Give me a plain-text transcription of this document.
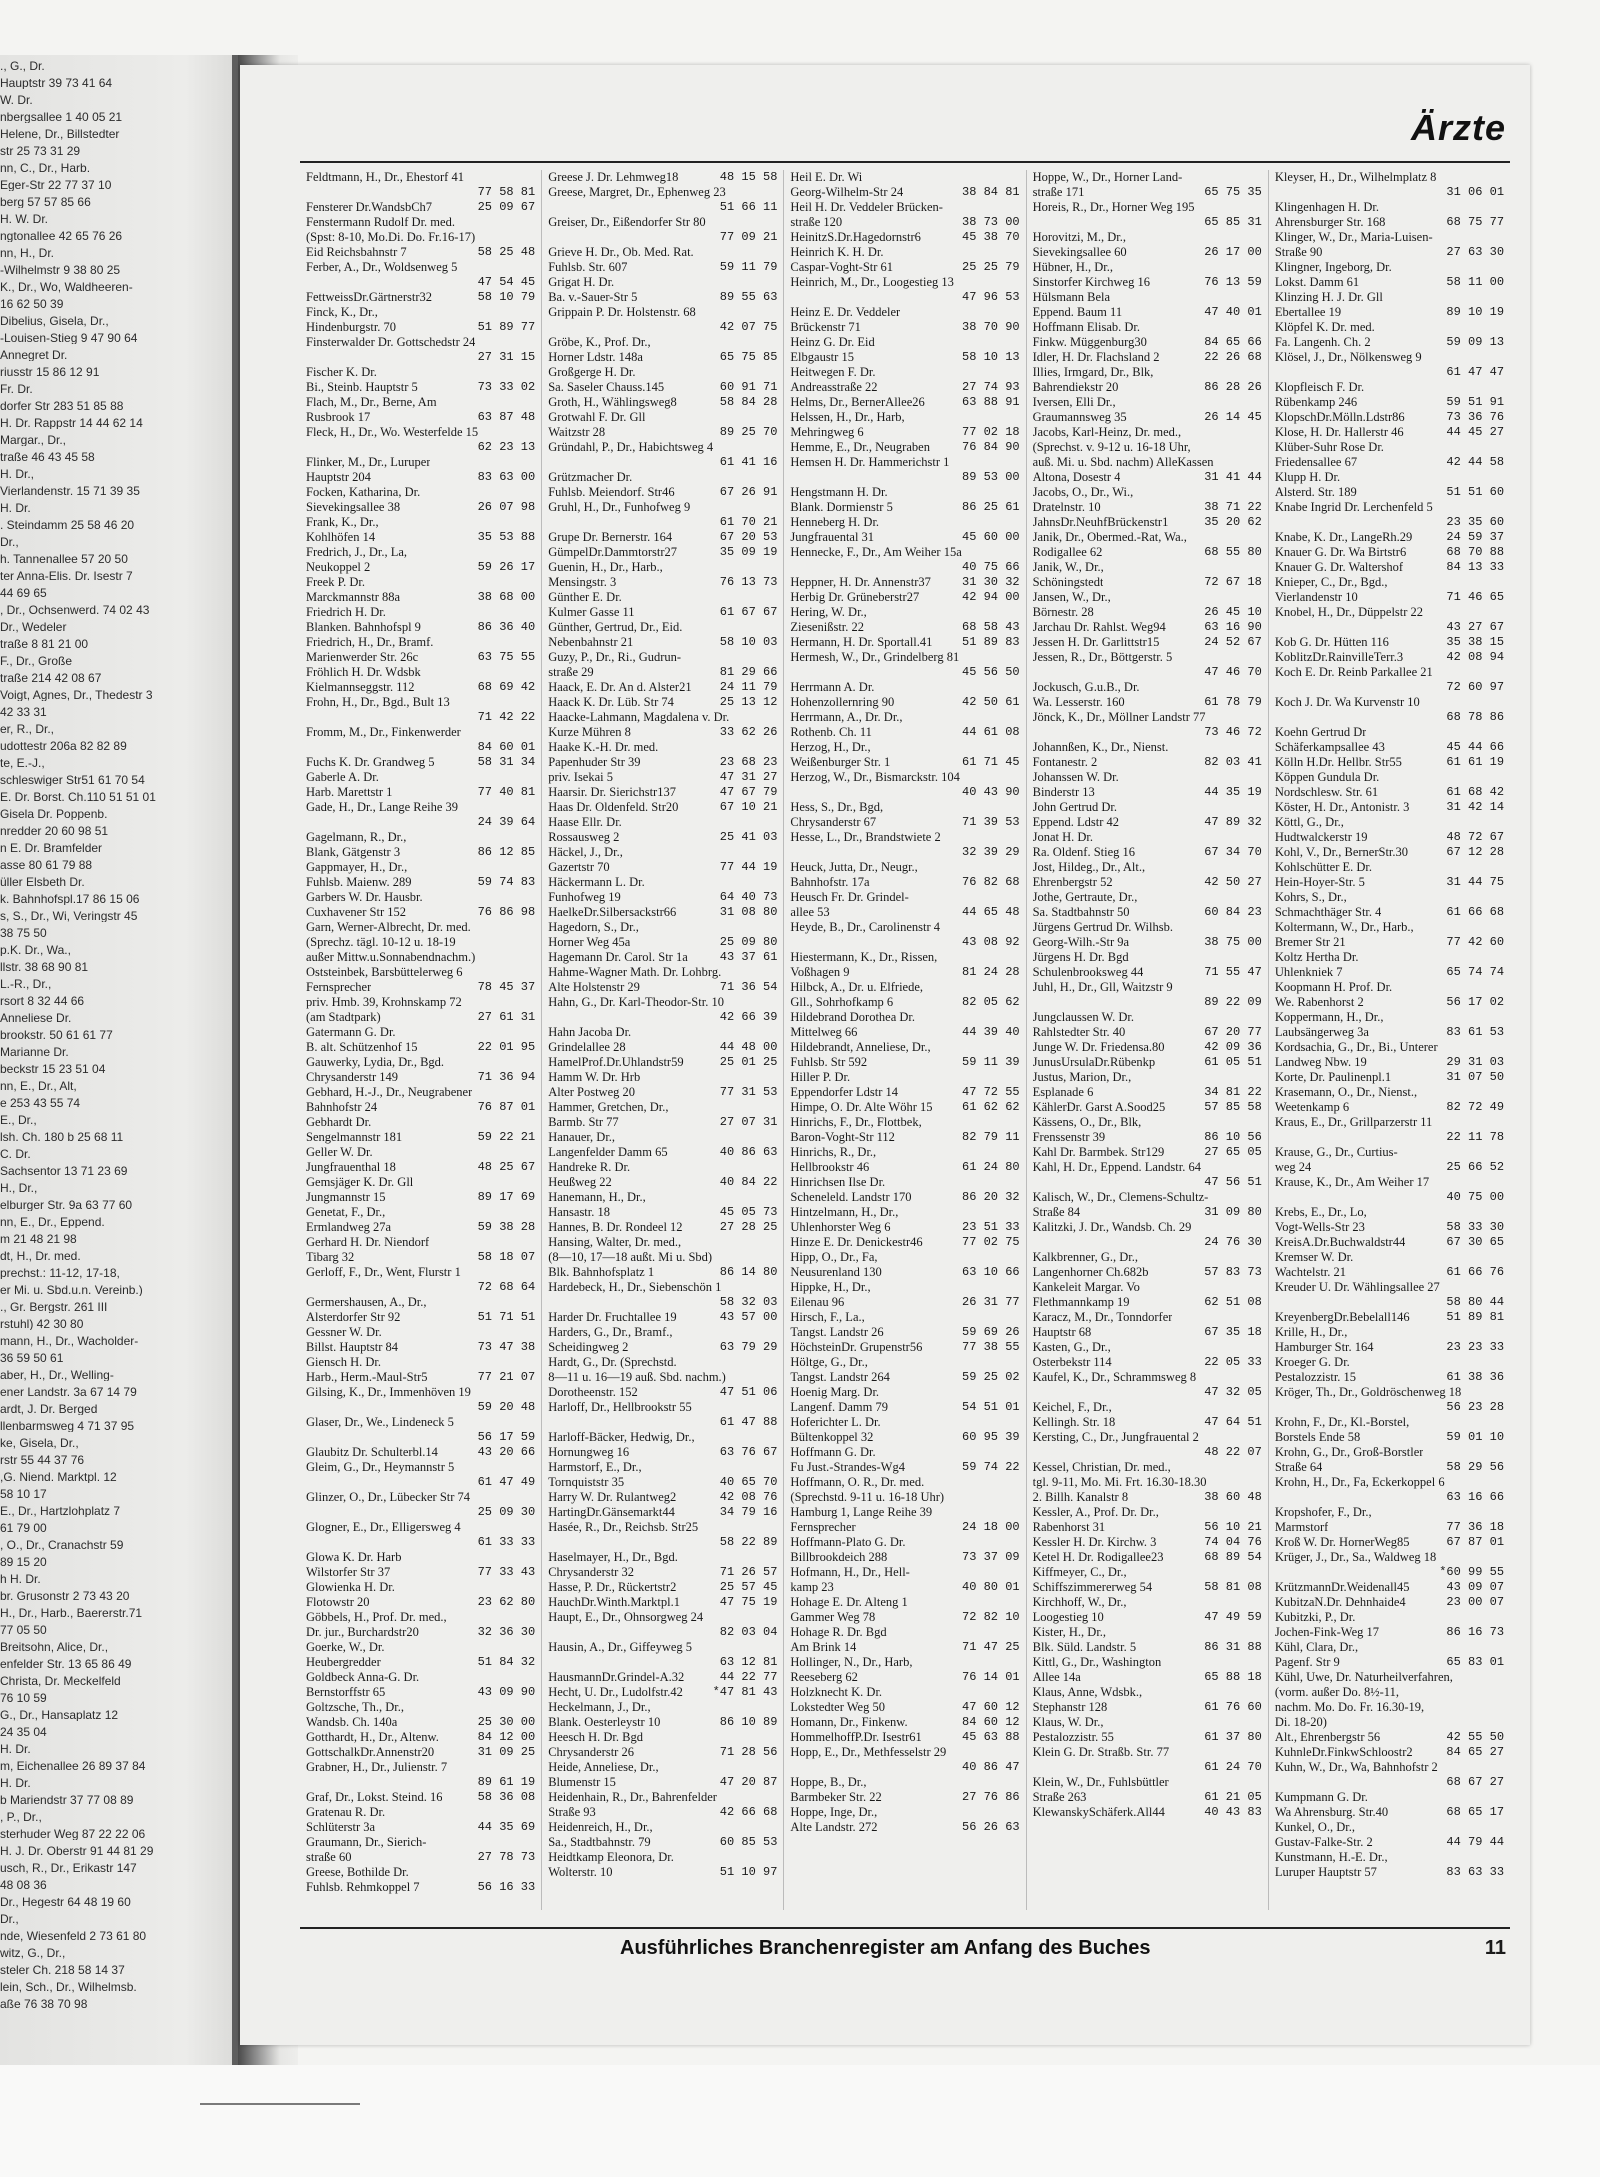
., G., Dr.
Hauptstr 39 73 41 64
W. Dr.
nbergsallee 1 40 05 21
Helene, Dr., Billstedter
str 25 73 31 29
nn, C., Dr., Harb.
Eger-Str 22 77 37 10
berg 57 57 85 66
H. W. Dr.
ngtonallee 42 65 76 26
nn, H., Dr.
-Wilhelmstr 9 38 80 25
K., Dr., Wo, Waldheeren-
16 62 50 39
Dibelius, Gisela, Dr.,
-Louisen-Stieg 9 47 90 64
Annegret Dr.
riusstr 15 86 12 91
Fr. Dr.
dorfer Str 283 51 85 88
H. Dr. Rappstr 14 44 62 14
Margar., Dr.,
traße 46 43 45 58
H. Dr.,
Vierlandenstr. 15 71 39 35
H. Dr.
. Steindamm 25 58 46 20
Dr.,
h. Tannenallee 57 20 50
ter Anna-Elis. Dr. Isestr 7
44 69 65
, Dr., Ochsenwerd. 74 02 43
Dr., Wedeler
traße 8 81 21 00
F., Dr., Große
traße 214 42 08 67
Voigt, Agnes, Dr., Thedestr 3
42 33 31
er, R., Dr.,
udottestr 206a 82 82 89
te, E.-J.,
schleswiger Str51 61 70 54
E. Dr. Borst. Ch.110 51 51 01
Gisela Dr. Poppenb.
nredder 20 60 98 51
n E. Dr. Bramfelder
asse 80 61 79 88
üller Elsbeth Dr.
k. Bahnhofspl.17 86 15 06
s, S., Dr., Wi, Veringstr 45
38 75 50
p.K. Dr., Wa.,
llstr. 38 68 90 81
L.-R., Dr.,
rsort 8 32 44 66
Anneliese Dr.
brookstr. 50 61 61 77
Marianne Dr.
beckstr 15 23 51 04
nn, E., Dr., Alt,
e 253 43 55 74
E., Dr.,
lsh. Ch. 180 b 25 68 11
C. Dr.
Sachsentor 13 71 23 69
H., Dr.,
elburger Str. 9a 63 77 60
nn, E., Dr., Eppend.
m 21 48 21 98
dt, H., Dr. med.
prechst.: 11-12, 17-18,
er Mi. u. Sbd.u.n. Vereinb.)
., Gr. Bergstr. 261 III
rstuhl) 42 30 80
mann, H., Dr., Wacholder-
36 59 50 61
aber, H., Dr., Welling-
ener Landstr. 3a 67 14 79
ardt, J. Dr. Berged
llenbarmsweg 4 71 37 95
ke, Gisela, Dr.,
rstr 55 44 37 76
,G. Niend. Marktpl. 12
58 10 17
E., Dr., Hartzlohplatz 7
61 79 00
, O., Dr., Cranachstr 59
89 15 20
h H. Dr.
br. Grusonstr 2 73 43 20
H., Dr., Harb., Baererstr.71
77 05 50
Breitsohn, Alice, Dr.,
enfelder Str. 13 65 86 49
Christa, Dr. Meckelfeld
76 10 59
G., Dr., Hansaplatz 12
24 35 04
H. Dr.
m, Eichenallee 26 89 37 84
H. Dr.
b Mariendstr 37 77 08 89
, P., Dr.,
sterhuder Weg 87 22 22 06
H. J. Dr. Oberstr 91 44 81 29
usch, R., Dr., Erikastr 147
48 08 36
Dr., Hegestr 64 48 19 60
Dr.,
nde, Wiesenfeld 2 73 61 80
witz, G., Dr.,
steler Ch. 218 58 14 37
lein, Sch., Dr., Wilhelmsb.
aße 76 38 70 98
Ärzte
Feldtmann, H., Dr., Ehestorf 41
77 58 81
Fensterer Dr.WandsbCh7	25 09 67
Fenstermann Rudolf Dr. med.
(Spst: 8-10, Mo.Di. Do. Fr.16-17)
Eid Reichsbahnstr 7	58 25 48
Ferber, A., Dr., Woldsenweg 5
47 54 45
FettweissDr.Gärtnerstr32	58 10 79
Finck, K., Dr.,
Hindenburgstr. 70	51 89 77
Finsterwalder Dr. Gottschedstr 24
27 31 15
Fischer K. Dr.
Bi., Steinb. Hauptstr 5	73 33 02
Flach, M., Dr., Berne, Am
Rusbrook 17	63 87 48
Fleck, H., Dr., Wo. Westerfelde 15
62 23 13
Flinker, M., Dr., Luruper
Hauptstr 204	83 63 00
Focken, Katharina, Dr.
Sievekingsallee 38	26 07 98
Frank, K., Dr.,
Kohlhöfen 14	35 53 88
Fredrich, J., Dr., La,
Neukoppel 2	59 26 17
Freek P. Dr.
Marckmannstr 88a	38 68 00
Friedrich H. Dr.
Blanken. Bahnhofspl 9	86 36 40
Friedrich, H., Dr., Bramf.
Marienwerder Str. 26c	63 75 55
Fröhlich H. Dr. Wdsbk
Kielmannseggstr. 112	68 69 42
Frohn, H., Dr., Bgd., Bult 13
71 42 22
Fromm, M., Dr., Finkenwerder
84 60 01
Fuchs K. Dr. Grandweg 5	58 31 34
Gaberle A. Dr.
Harb. Marettstr 1	77 40 81
Gade, H., Dr., Lange Reihe 39
24 39 64
Gagelmann, R., Dr.,
Blank, Gätgenstr 3	86 12 85
Gappmayer, H., Dr.,
Fuhlsb. Maienw. 289	59 74 83
Garbers W. Dr. Hausbr.
Cuxhavener Str 152	76 86 98
Garn, Werner-Albrecht, Dr. med.
(Sprechz. tägl. 10-12 u. 18-19
außer Mittw.u.Sonnabendnachm.)
Oststeinbek, Barsbüttelerweg 6
Fernsprecher	78 45 37
priv. Hmb. 39, Krohnskamp 72
(am Stadtpark)	27 61 31
Gatermann G. Dr.
B. alt. Schützenhof 15	22 01 95
Gauwerky, Lydia, Dr., Bgd.
Chrysanderstr 149	71 36 94
Gebhard, H.-J., Dr., Neugrabener
Bahnhofstr 24	76 87 01
Gebhardt Dr.
Sengelmannstr 181	59 22 21
Geller W. Dr.
Jungfrauenthal 18	48 25 67
Gemsjäger K. Dr. Gll
Jungmannstr 15	89 17 69
Genetat, F., Dr.,
Ermlandweg 27a	59 38 28
Gerhard H. Dr. Niendorf
Tibarg 32	58 18 07
Gerloff, F., Dr., Went, Flurstr 1
72 68 64
Germershausen, A., Dr.,
Alsterdorfer Str 92	51 71 51
Gessner W. Dr.
Billst. Hauptstr 84	73 47 38
Giensch H. Dr.
Harb., Herm.-Maul-Str5	77 21 07
Gilsing, K., Dr., Immenhöven 19
59 20 48
Glaser, Dr., We., Lindeneck 5
56 17 59
Glaubitz Dr. Schulterbl.14	43 20 66
Gleim, G., Dr., Heymannstr 5
61 47 49
Glinzer, O., Dr., Lübecker Str 74
25 09 30
Glogner, E., Dr., Elligersweg 4
61 33 33
Glowa K. Dr. Harb
Wilstorfer Str 37	77 33 43
Glowienka H. Dr.
Flotowstr 20	23 62 80
Göbbels, H., Prof. Dr. med.,
Dr. jur., Burchardstr20	32 36 30
Goerke, W., Dr.
Heubergredder	51 84 32
Goldbeck Anna-G. Dr.
Bernstorffstr 65	43 09 90
Goltzsche, Th., Dr.,
Wandsb. Ch. 140a	25 30 00
Gotthardt, H., Dr., Altenw.	84 12 00
GottschalkDr.Annenstr20	31 09 25
Grabner, H., Dr., Julienstr. 7
89 61 19
Graf, Dr., Lokst. Steind. 16	58 36 08
Gratenau R. Dr.
Schlüterstr 3a	44 35 69
Graumann, Dr., Sierich-
straße 60	27 78 73
Greese, Bothilde Dr.
Fuhlsb. Rehmkoppel 7	56 16 33
Greese J. Dr. Lehmweg18	48 15 58
Greese, Margret, Dr., Ephenweg 23
51 66 11
Greiser, Dr., Eißendorfer Str 80
77 09 21
Grieve H. Dr., Ob. Med. Rat.
Fuhlsb. Str. 607	59 11 79
Grigat H. Dr.
Ba. v.-Sauer-Str 5	89 55 63
Grippain P. Dr. Holstenstr. 68
42 07 75
Gröbe, K., Prof. Dr.,
Horner Ldstr. 148a	65 75 85
Großgerge H. Dr.
Sa. Saseler Chauss.145	60 91 71
Groth, H., Wählingsweg8	58 84 28
Grotwahl F. Dr. Gll
Waitzstr 28	89 25 70
Gründahl, P., Dr., Habichtsweg 4
61 41 16
Grützmacher Dr.
Fuhlsb. Meiendorf. Str46	67 26 91
Gruhl, H., Dr., Funhofweg 9
61 70 21
Grupe Dr. Bernerstr. 164	67 20 53
GümpelDr.Dammtorstr27	35 09 19
Guenin, H., Dr., Harb.,
Mensingstr. 3	76 13 73
Günther E. Dr.
Kulmer Gasse 11	61 67 67
Günther, Gertrud, Dr., Eid.
Nebenbahnstr 21	58 10 03
Guzy, P., Dr., Ri., Gudrun-
straße 29	81 29 66
Haack, E. Dr. An d. Alster21 24 11 79
Haack K. Dr. Lüb. Str 74	25 13 12
Haacke-Lahmann, Magdalena v. Dr.
Kurze Mühren 8	33 62 26
Haake K.-H. Dr. med.
Papenhuder Str 39	23 68 23
priv. Isekai 5	47 31 27
Haarsir. Dr. Sierichstr137	47 67 79
Haas Dr. Oldenfeld. Str20	67 10 21
Haase Ellr. Dr.
Rossausweg 2	25 41 03
Häckel, J., Dr.,
Gazertstr 70	77 44 19
Häckermann L. Dr.
Funhofweg 19	64 40 73
HaelkeDr.Silbersackstr66	31 08 80
Hagedorn, S., Dr.,
Horner Weg 45a	25 09 80
Hagemann Dr. Carol. Str 1a	43 37 61
Hahme-Wagner Math. Dr. Lohbrg.
Alte Holstenstr 29	71 36 54
Hahn, G., Dr. Karl-Theodor-Str. 10
42 66 39
Hahn Jacoba Dr.
Grindelallee 28	44 48 00
HamelProf.Dr.Uhlandstr59	25 01 25
Hamm W. Dr. Hrb
Alter Postweg 20	77 31 53
Hammer, Gretchen, Dr.,
Barmb. Str 77	27 07 31
Hanauer, Dr.,
Langenfelder Damm 65	40 86 63
Handreke R. Dr.
Heußweg 22	40 84 22
Hanemann, H., Dr.,
Hansastr. 18	45 05 73
Hannes, B. Dr. Rondeel 12	27 28 25
Hansing, Walter, Dr. med.,
(8—10, 17—18 außt. Mi u. Sbd)
Blk. Bahnhofsplatz 1	86 14 80
Hardebeck, H., Dr., Siebenschön 1
58 32 03
Harder Dr. Fruchtallee 19	43 57 00
Harders, G., Dr., Bramf.,
Scheidingweg 2	63 79 29
Hardt, G., Dr. (Sprechstd.
8—11 u. 16—19 auß. Sbd. nachm.)
Dorotheenstr. 152	47 51 06
Harloff, Dr., Hellbrookstr 55
61 47 88
Harloff-Bäcker, Hedwig, Dr.,
Hornungweg 16	63 76 67
Harmstorf, E., Dr.,
Tornquiststr 35	40 65 70
Harry W. Dr. Rulantweg2	42 08 76
HartingDr.Gänsemarkt44	34 79 16
Hasée, R., Dr., Reichsb. Str25
58 22 89
Haselmayer, H., Dr., Bgd.
Chrysanderstr 32	71 26 57
Hasse, P. Dr., Rückertstr2	25 57 45
HauchDr.Winth.Marktpl.1	47 75 19
Haupt, E., Dr., Ohnsorgweg 24
82 03 04
Hausin, A., Dr., Giffeyweg 5
63 12 81
HausmannDr.Grindel-A.32	44 22 77
Hecht, U. Dr., Ludolfstr.42 *47 81 43
Heckelmann, J., Dr.,
Blank. Oesterleystr 10	86 10 89
Heesch H. Dr. Bgd
Chrysanderstr 26	71 28 56
Heide, Anneliese, Dr.,
Blumenstr 15	47 20 87
Heidenhain, R., Dr., Bahrenfelder
Straße 93	42 66 68
Heidenreich, H., Dr.,
Sa., Stadtbahnstr. 79	60 85 53
Heidtkamp Eleonora, Dr.
Wolterstr. 10	51 10 97
Heil E. Dr. Wi
Georg-Wilhelm-Str 24	38 84 81
Heil H. Dr. Veddeler Brücken-
straße 120	38 73 00
HeinitzS.Dr.Hagedornstr6	45 38 70
Heinrich K. H. Dr.
Caspar-Voght-Str 61	25 25 79
Heinrich, M., Dr., Loogestieg 13
47 96 53
Heinz E. Dr. Veddeler
Brückenstr 71	38 70 90
Heinz G. Dr. Eid
Elbgaustr 15	58 10 13
Heitwegen F. Dr.
Andreasstraße 22	27 74 93
Helms, Dr., BernerAllee26	63 88 91
Helssen, H., Dr., Harb,
Mehringweg 6	77 02 18
Hemme, E., Dr., Neugraben	76 84 90
Hemsen H. Dr. Hammerichstr 1
89 53 00
Hengstmann H. Dr.
Blank. Dormienstr 5	86 25 61
Henneberg H. Dr.
Jungfrauental 31	45 60 00
Hennecke, F., Dr., Am Weiher 15a
40 75 66
Heppner, H. Dr. Annenstr37	31 30 32
Herbig Dr. Grüneberstr27	42 94 00
Hering, W. Dr.,
Ziesenißstr. 22	68 58 43
Hermann, H. Dr. Sportall.41 51 89 83
Hermesh, W., Dr., Grindelberg 81
45 56 50
Herrmann A. Dr.
Hohenzollernring 90	42 50 61
Herrmann, A., Dr. Dr.,
Rothenb. Ch. 11	44 61 08
Herzog, H., Dr.,
Weißenburger Str. 1	61 71 45
Herzog, W., Dr., Bismarckstr. 104
40 43 90
Hess, S., Dr., Bgd,
Chrysanderstr 67	71 39 53
Hesse, L., Dr., Brandstwiete 2
32 39 29
Heuck, Jutta, Dr., Neugr.,
Bahnhofstr. 17a	76 82 68
Heusch Fr. Dr. Grindel-
allee 53	44 65 48
Heyde, B., Dr., Carolinenstr 4
43 08 92
Hiestermann, K., Dr., Rissen,
Voßhagen 9	81 24 28
Hilbck, A., Dr. u. Elfriede,
Gll., Sohrhofkamp 6	82 05 62
Hildebrand Dorothea Dr.
Mittelweg 66	44 39 40
Hildebrandt, Anneliese, Dr.,
Fuhlsb. Str 592	59 11 39
Hiller P. Dr.
Eppendorfer Ldstr 14	47 72 55
Himpe, O. Dr. Alte Wöhr 15 61 62 62
Hinrichs, F., Dr., Flottbek,
Baron-Voght-Str 112	82 79 11
Hinrichs, R., Dr.,
Hellbrookstr 46	61 24 80
Hinrichsen Ilse Dr.
Scheneleld. Landstr 170	86 20 32
Hintzelmann, H., Dr.,
Uhlenhorster Weg 6	23 51 33
Hinze E. Dr. Denickestr46	77 02 75
Hipp, O., Dr., Fa,
Neusurenland 130	63 10 66
Hippke, H., Dr.,
Eilenau 96	26 31 77
Hirsch, F., La.,
Tangst. Landstr 26	59 69 26
HöchsteinDr. Grupenstr56	77 38 55
Höltge, G., Dr.,
Tangst. Landstr 264	59 25 02
Hoenig Marg. Dr.
Langenf. Damm 79	54 51 01
Hoferichter L. Dr.
Bültenkoppel 32	60 95 39
Hoffmann G. Dr.
Fu Just.-Strandes-Wg4	59 74 22
Hoffmann, O. R., Dr. med.
(Sprechstd. 9-11 u. 16-18 Uhr)
Hamburg 1, Lange Reihe 39
Fernsprecher	24 18 00
Hoffmann-Plato G. Dr.
Billbrookdeich 288	73 37 09
Hofmann, H., Dr., Hell-
kamp 23	40 80 01
Hohage E. Dr. Alteng 1
Gammer Weg 78	72 82 10
Hohage R. Dr. Bgd
Am Brink 14	71 47 25
Hollinger, N., Dr., Harb,
Reeseberg 62	76 14 01
Holzknecht K. Dr.
Lokstedter Weg 50	47 60 12
Homann, Dr., Finkenw.	84 60 12
HommelhoffP.Dr. Isestr61	45 63 88
Hopp, E., Dr., Methfesselstr 29
40 86 47
Hoppe, B., Dr.,
Barmbeker Str. 22	27 76 86
Hoppe, Inge, Dr.,
Alte Landstr. 272	56 26 63
Hoppe, W., Dr., Horner Land-
straße 171	65 75 35
Horeis, R., Dr., Horner Weg 195
65 85 31
Horovitzi, M., Dr.,
Sievekingsallee 60	26 17 00
Hübner, H., Dr.,
Sinstorfer Kirchweg 16	76 13 59
Hülsmann Bela
Eppend. Baum 11	47 40 01
Hoffmann Elisab. Dr.
Finkw. Müggenburg30	84 65 66
Idler, H. Dr. Flachsland 2	22 26 68
Illies, Irmgard, Dr., Blk,
Bahrendiekstr 20	86 28 26
Iversen, Elli Dr.,
Graumannsweg 35	26 14 45
Jacobs, Karl-Heinz, Dr. med.,
(Sprechst. v. 9-12 u. 16-18 Uhr,
auß. Mi. u. Sbd. nachm) AlleKassen
Altona, Dosestr 4	31 41 44
Jacobs, O., Dr., Wi.,
Dratelnstr. 10	38 71 22
JahnsDr.NeuhfBrückenstr1	35 20 62
Janik, Dr., Obermed.-Rat, Wa.,
Rodigallee 62	68 55 80
Janik, W., Dr.,
Schöningstedt	72 67 18
Jansen, W., Dr.,
Börnestr. 28	26 45 10
Jarchau Dr. Rahlst. Weg94	63 16 90
Jessen H. Dr. Garlittstr15	24 52 67
Jessen, R., Dr., Böttgerstr. 5
47 46 70
Jockusch, G.u.B., Dr.
Wa. Lesserstr. 160	61 78 79
Jönck, K., Dr., Möllner Landstr 77
73 46 72
Johannßen, K., Dr., Nienst.
Fontanestr. 2	82 03 41
Johanssen W. Dr.
Binderstr 13	44 35 19
John Gertrud Dr.
Eppend. Ldstr 42	47 89 32
Jonat H. Dr.
Ra. Oldenf. Stieg 16	67 34 70
Jost, Hildeg., Dr., Alt.,
Ehrenbergstr 52	42 50 27
Jothe, Gertraute, Dr.,
Sa. Stadtbahnstr 50	60 84 23
Jürgens Gertrud Dr. Wilhsb.
Georg-Wilh.-Str 9a	38 75 00
Jürgens H. Dr. Bgd
Schulenbrooksweg 44	71 55 47
Juhl, H., Dr., Gll, Waitzstr 9
89 22 09
Jungclaussen W. Dr.
Rahlstedter Str. 40	67 20 77
Junge W. Dr. Friedensa.80	42 09 36
JunusUrsulaDr.Rübenkp	61 05 51
Justus, Marion, Dr.,
Esplanade 6	34 81 22
KählerDr. Garst A.Sood25	57 85 58
Kässens, O., Dr., Blk,
Frenssenstr 39	86 10 56
Kahl Dr. Barmbek. Str129	27 65 05
Kahl, H. Dr., Eppend. Landstr. 64
47 56 51
Kalisch, W., Dr., Clemens-Schultz-
Straße 84	31 09 80
Kalitzki, J. Dr., Wandsb. Ch. 29
24 76 30
Kalkbrenner, G., Dr.,
Langenhorner Ch.682b	57 83 73
Kankeleit Margar. Vo
Flethmannkamp 19	62 51 08
Karacz, M., Dr., Tonndorfer
Hauptstr 68	67 35 18
Kasten, G., Dr.,
Osterbekstr 114	22 05 33
Kaufel, K., Dr., Schrammsweg 8
47 32 05
Keichel, F., Dr.,
Kellingh. Str. 18	47 64 51
Kersting, C., Dr., Jungfrauental 2
48 22 07
Kessel, Christian, Dr. med.,
tgl. 9-11, Mo. Mi. Frt. 16.30-18.30
2. Billh. Kanalstr 8	38 60 48
Kessler, A., Prof. Dr. Dr.,
Rabenhorst 31	56 10 21
Kessler H. Dr. Kirchw. 3	74 04 76
Ketel H. Dr. Rodigallee23	68 89 54
Kiffmeyer, C., Dr.,
Schiffszimmererweg 54	58 81 08
Kirchhoff, W., Dr.,
Loogestieg 10	47 49 59
Kister, H., Dr.,
Blk. Süld. Landstr. 5	86 31 88
Kittl, G., Dr., Washington
Allee 14a	65 88 18
Klaus, Anne, Wdsbk.,
Stephanstr 128	61 76 60
Klaus, W. Dr.,
Pestalozzistr. 55	61 37 80
Klein G. Dr. Straßb. Str. 77
61 24 70
Klein, W., Dr., Fuhlsbüttler
Straße 263	61 21 05
KlewanskySchäferk.All44	40 43 83
Kleyser, H., Dr., Wilhelmplatz 8
31 06 01
Klingenhagen H. Dr.
Ahrensburger Str. 168	68 75 77
Klinger, W., Dr., Maria-Luisen-
Straße 90	27 63 30
Klingner, Ingeborg, Dr.
Lokst. Damm 61	58 11 00
Klinzing H. J. Dr. Gll
Ebertallee 19	89 10 19
Klöpfel K. Dr. med.
Fa. Langenh. Ch. 2	59 09 13
Klösel, J., Dr., Nölkensweg 9
61 47 47
Klopfleisch F. Dr.
Rübenkamp 246	59 51 91
KlopschDr.Mölln.Ldstr86	73 36 76
Klose, H. Dr. Hallerstr 46	44 45 27
Klüber-Suhr Rose Dr.
Friedensallee 67	42 44 58
Klupp H. Dr.
Alsterd. Str. 189	51 51 60
Knabe Ingrid Dr. Lerchenfeld 5
23 35 60
Knabe, K. Dr., LangeRh.29	24 59 37
Knauer G. Dr. Wa Birtstr6	68 70 88
Knauer G. Dr. Waltershof	84 13 33
Knieper, C., Dr., Bgd.,
Vierlandenstr 10	71 46 65
Knobel, H., Dr., Düppelstr 22
43 27 67
Kob G. Dr. Hütten 116	35 38 15
KoblitzDr.RainvilleTerr.3	42 08 94
Koch E. Dr. Reinb Parkallee 21
72 60 97
Koch J. Dr. Wa Kurvenstr 10
68 78 86
Koehn Gertrud Dr
Schäferkampsallee 43	45 44 66
Kölln H.Dr. Hellbr. Str55	61 61 19
Köppen Gundula Dr.
Nordschlesw. Str. 61	61 68 42
Köster, H. Dr., Antonistr. 3	31 42 14
Köttl, G., Dr.,
Hudtwalckerstr 19	48 72 67
Kohl, V., Dr., BernerStr.30	67 12 28
Kohlschütter E. Dr.
Hein-Hoyer-Str. 5	31 44 75
Kohrs, S., Dr.,
Schmachthäger Str. 4	61 66 68
Koltermann, W., Dr., Harb.,
Bremer Str 21	77 42 60
Koltz Hertha Dr.
Uhlenkniek 7	65 74 74
Koopmann H. Prof. Dr.
We. Rabenhorst 2	56 17 02
Koppermann, H., Dr.,
Laubsängerweg 3a	83 61 53
Kordsachia, G., Dr., Bi., Unterer
Landweg Nbw. 19	29 31 03
Korte, Dr. Paulinenpl.1	31 07 50
Krasemann, O., Dr., Nienst.,
Weetenkamp 6	82 72 49
Kraus, E., Dr., Grillparzerstr 11
22 11 78
Krause, G., Dr., Curtius-
weg 24	25 66 52
Krause, K., Dr., Am Weiher 17
40 75 00
Krebs, E., Dr., Lo,
Vogt-Wells-Str 23	58 33 30
KreisA.Dr.Buchwaldstr44	67 30 65
Kremser W. Dr.
Wachtelstr. 21	61 66 76
Kreuder U. Dr. Wählingsallee 27
58 80 44
KreyenbergDr.Bebelall146	51 89 81
Krille, H., Dr.,
Hamburger Str. 164	23 23 33
Kroeger G. Dr.
Pestalozzistr. 15	61 38 36
Kröger, Th., Dr., Goldröschenweg 18
56 23 28
Krohn, F., Dr., Kl.-Borstel,
Borstels Ende 58	59 01 10
Krohn, G., Dr., Groß-Borstler
Straße 64	58 29 56
Krohn, H., Dr., Fa, Eckerkoppel 6
63 16 66
Kropshofer, F., Dr.,
Marmstorf	77 36 18
Kroß W. Dr. HornerWeg85	67 87 01
Krüger, J., Dr., Sa., Waldweg 18
*60 99 55
KrützmannDr.Weidenall45	43 09 07
KubitzaN.Dr. Dehnhaide4	23 00 07
Kubitzki, P., Dr.
Jochen-Fink-Weg 17	86 16 73
Kühl, Clara, Dr.,
Pagenf. Str 9	65 83 01
Kühl, Uwe, Dr. Naturheilverfahren,
(vorm. außer Do. 8½-11,
nachm. Mo. Do. Fr. 16.30-19,
Di. 18-20)
Alt., Ehrenbergstr 56	42 55 50
KuhnleDr.FinkwSchloostr2	84 65 27
Kuhn, W., Dr., Wa, Bahnhofstr 2
68 67 27
Kumpmann G. Dr.
Wa Ahrensburg. Str.40	68 65 17
Kunkel, O., Dr.,
Gustav-Falke-Str. 2	44 79 44
Kunstmann, H.-E. Dr.,
Luruper Hauptstr 57	83 63 33
Ausführliches Branchenregister am Anfang des Buches	11
